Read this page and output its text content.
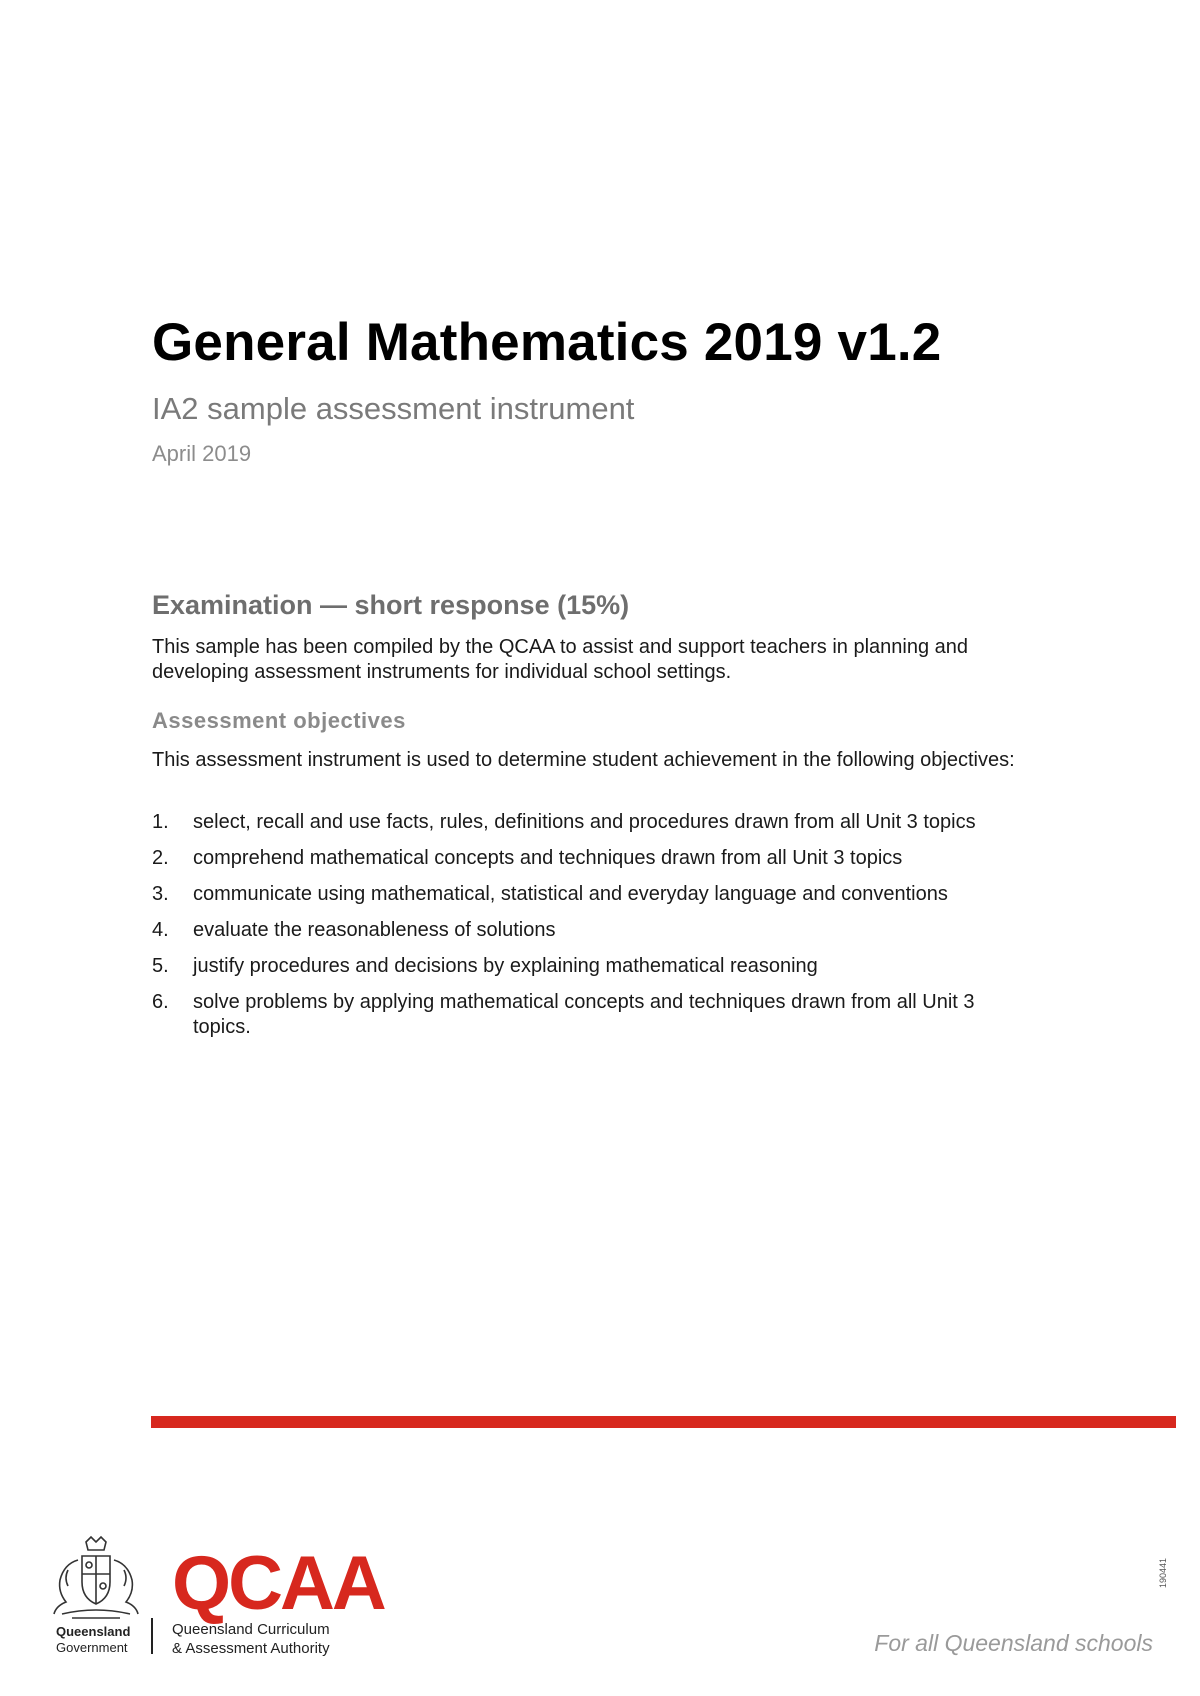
General Mathematics 2019 v1.2
IA2 sample assessment instrument
April 2019
Examination — short response (15%)

This sample has been compiled by the QCAA to assist and support teachers in planning and developing assessment instruments for individual school settings.

Assessment objectives

This assessment instrument is used to determine student achievement in the following objectives:

1. select, recall and use facts, rules, definitions and procedures drawn from all Unit 3 topics
2. comprehend mathematical concepts and techniques drawn from all Unit 3 topics
3. communicate using mathematical, statistical and everyday language and conventions
4. evaluate the reasonableness of solutions
5. justify procedures and decisions by explaining mathematical reasoning
6. solve problems by applying mathematical concepts and techniques drawn from all Unit 3 topics.
Queensland
Government
QCAA
Queensland Curriculum
& Assessment Authority	For all Queensland schools
190441
